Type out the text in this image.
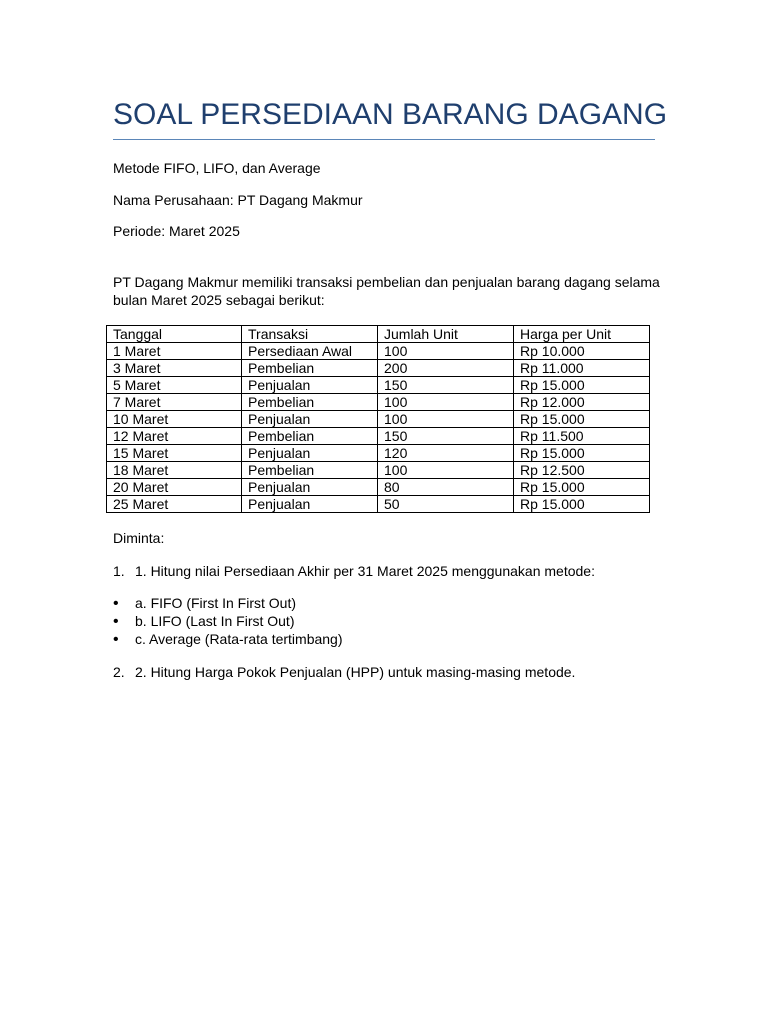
SOAL PERSEDIAAN BARANG DAGANG

Metode FIFO, LIFO, dan Average

Nama Perusahaan: PT Dagang Makmur

Periode: Maret 2025

PT Dagang Makmur memiliki transaksi pembelian dan penjualan barang dagang selama
bulan Maret 2025 sebagai berikut:

Tanggal	Transaksi	Jumlah Unit	Harga per Unit
1 Maret	Persediaan Awal	100	Rp 10.000
3 Maret	Pembelian	200	Rp 11.000
5 Maret	Penjualan	150	Rp 15.000
7 Maret	Pembelian	100	Rp 12.000
10 Maret	Penjualan	100	Rp 15.000
12 Maret	Pembelian	150	Rp 11.500
15 Maret	Penjualan	120	Rp 15.000
18 Maret	Pembelian	100	Rp 12.500
20 Maret	Penjualan	80	Rp 15.000
25 Maret	Penjualan	50	Rp 15.000

Diminta:

1. 1. Hitung nilai Persediaan Akhir per 31 Maret 2025 menggunakan metode:

• a. FIFO (First In First Out)
• b. LIFO (Last In First Out)
• c. Average (Rata-rata tertimbang)

2. 2. Hitung Harga Pokok Penjualan (HPP) untuk masing-masing metode.
